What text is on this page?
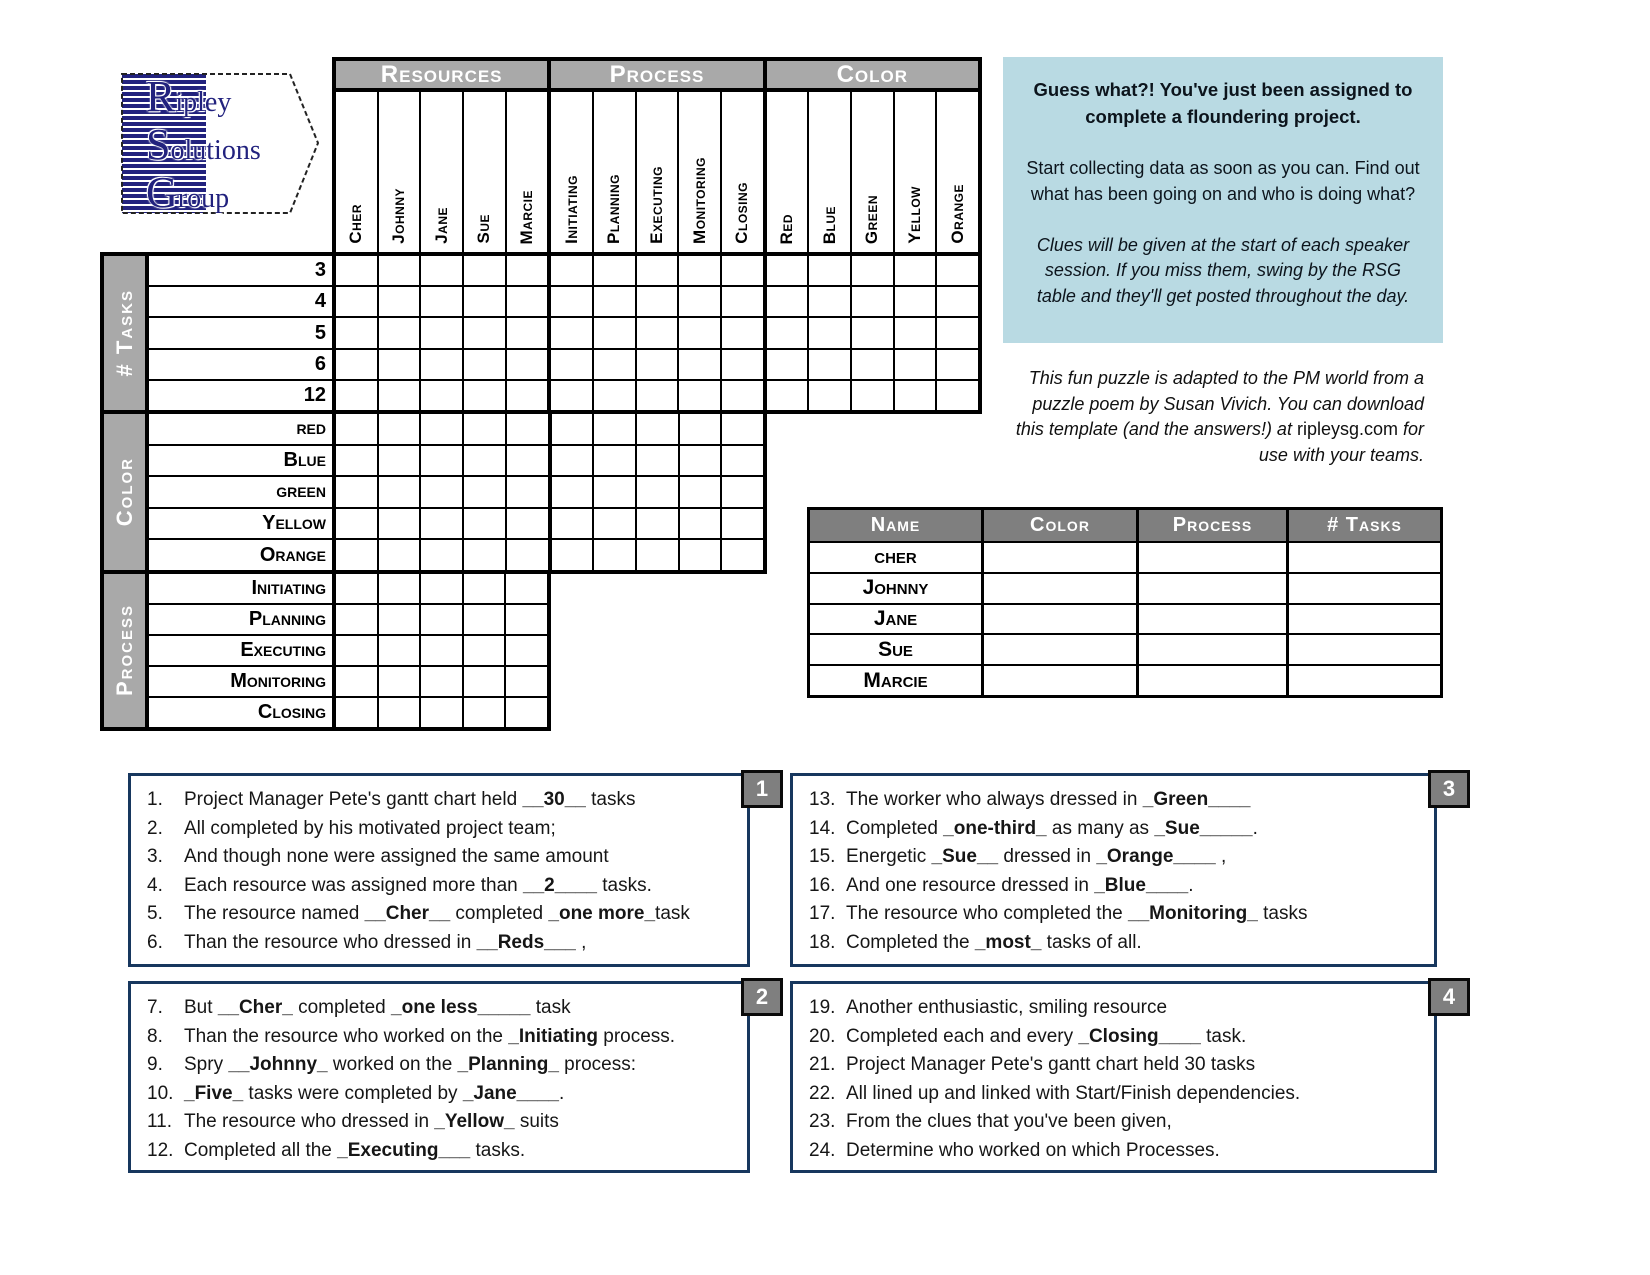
Ripley
Solutions
Group
Resources	Process	Color
Cher Johnny Jane Sue Marcie Initiating Planning Executing Monitoring Closing Red Blue Green Yellow Orange
# Tasks
3
4
5
6
12
Color
red
Blue
green
Yellow
Orange
Process
Initiating
Planning
Executing
Monitoring
Closing

Guess what?! You've just been assigned to complete a floundering project.

Start collecting data as soon as you can. Find out what has been going on and who is doing what?

Clues will be given at the start of each speaker session. If you miss them, swing by the RSG table and they'll get posted throughout the day.

This fun puzzle is adapted to the PM world from a puzzle poem by Susan Vivich. You can download this template (and the answers!) at ripleysg.com for use with your teams.
Name	Color	Process	# Tasks
cher
Johnny
Jane
Sue
Marcie
1
1.	Project Manager Pete's gantt chart held __30__ tasks
2.	All completed by his motivated project team;
3.	And though none were assigned the same amount
4.	Each resource was assigned more than __2____ tasks.
5.	The resource named __Cher__ completed _one more_task
6.	Than the resource who dressed in __Reds___ ,
2
7.	But __Cher_ completed _one less_____ task
8.	Than the resource who worked on the _Initiating process.
9.	Spry __Johnny_ worked on the _Planning_ process:
10. _Five_ tasks were completed by _Jane____.
11. The resource who dressed in _Yellow_ suits
12. Completed all the _Executing___ tasks.
3
13. The worker who always dressed in _Green____
14. Completed _one-third_ as many as _Sue_____.
15. Energetic _Sue__ dressed in _Orange____ ,
16. And one resource dressed in _Blue____.
17. The resource who completed the __Monitoring_ tasks
18. Completed the _most_ tasks of all.
4
19. Another enthusiastic, smiling resource
20. Completed each and every _Closing____ task.
21. Project Manager Pete's gantt chart held 30 tasks
22. All lined up and linked with Start/Finish dependencies.
23. From the clues that you've been given,
24. Determine who worked on which Processes.
